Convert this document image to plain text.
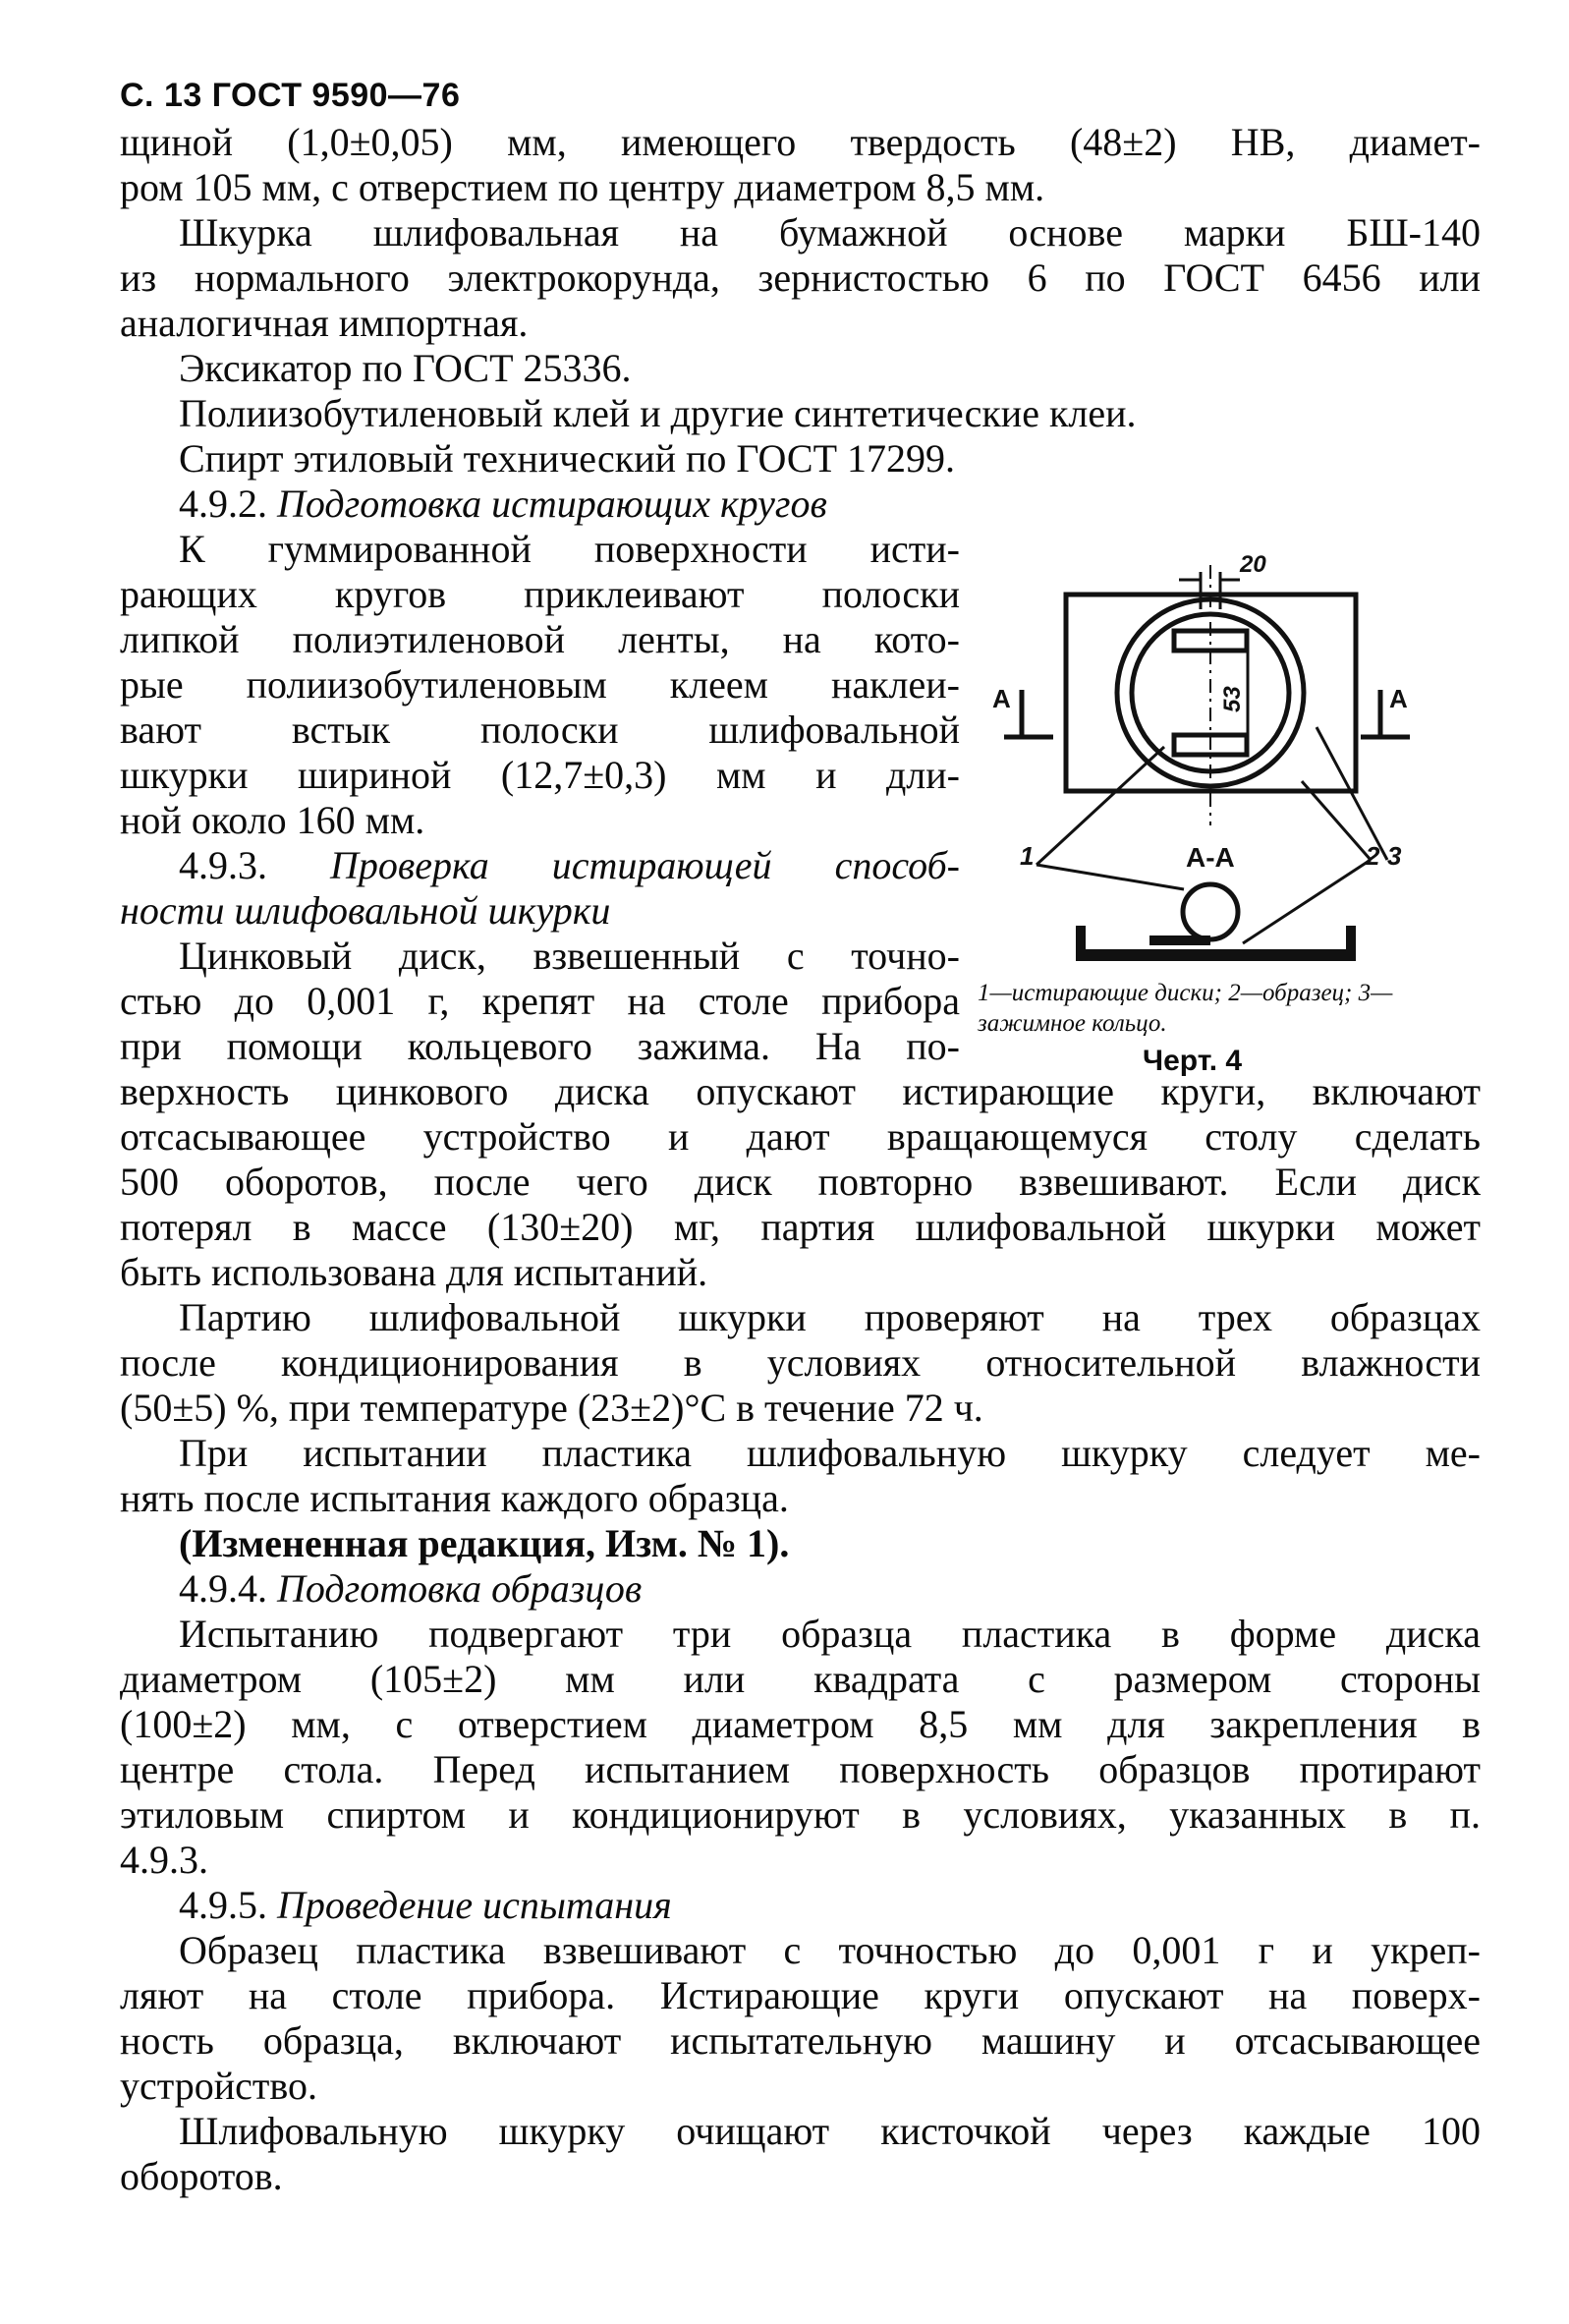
С. 13 ГОСТ 9590—76
щиной (1,0±0,05) мм, имеющего твердость (48±2) НВ, диамет-
ром 105 мм, с отверстием по центру диаметром 8,5 мм.
Шкурка шлифовальная на бумажной основе марки БШ-140
из нормального электрокорунда, зернистостью 6 по ГОСТ 6456 или
аналогичная импортная.
Эксикатор по ГОСТ 25336.
Полиизобутиленовый клей и другие синтетические клеи.
Спирт этиловый технический по ГОСТ 17299.
4.9.2. Подготовка истирающих кругов
К гуммированной поверхности исти-
рающих кругов приклеивают полоски
липкой полиэтиленовой ленты, на кото-
рые полиизобутиленовым клеем наклеи-
вают встык полоски шлифовальной
шкурки шириной (12,7±0,3) мм и дли-
ной около 160 мм.
4.9.3. Проверка истирающей способ-
ности шлифовальной шкурки
Цинковый диск, взвешенный с точно-
стью до 0,001 г, крепят на столе прибора
при помощи кольцевого зажима. На по-
верхность цинкового диска опускают истирающие круги, включают
отсасывающее устройство и дают вращающемуся столу сделать
500 оборотов, после чего диск повторно взвешивают. Если диск
потерял в массе (130±20) мг, партия шлифовальной шкурки может
быть использована для испытаний.
Партию шлифовальной шкурки проверяют на трех образцах
после кондиционирования в условиях относительной влажности
(50±5) %, при температуре (23±2)°С в течение 72 ч.
При испытании пластика шлифовальную шкурку следует ме-
нять после испытания каждого образца.
(Измененная редакция, Изм. № 1).
4.9.4. Подготовка образцов
Испытанию подвергают три образца пластика в форме диска
диаметром (105±2) мм или квадрата с размером стороны
(100±2) мм, с отверстием диаметром 8,5 мм для закрепления в
центре стола. Перед испытанием поверхность образцов протирают
этиловым спиртом и кондиционируют в условиях, указанных в п.
4.9.3.
4.9.5. Проведение испытания
Образец пластика взвешивают с точностью до 0,001 г и укреп-
ляют на столе прибора. Истирающие круги опускают на поверх-
ность образца, включают испытательную машину и отсасывающее
устройство.
Шлифовальную шкурку очищают кисточкой через каждые 100
оборотов.
20
53
A	A
A-A
1	2 3
1—истирающие диски; 2—образец; 3—зажимное кольцо.
Черт. 4
